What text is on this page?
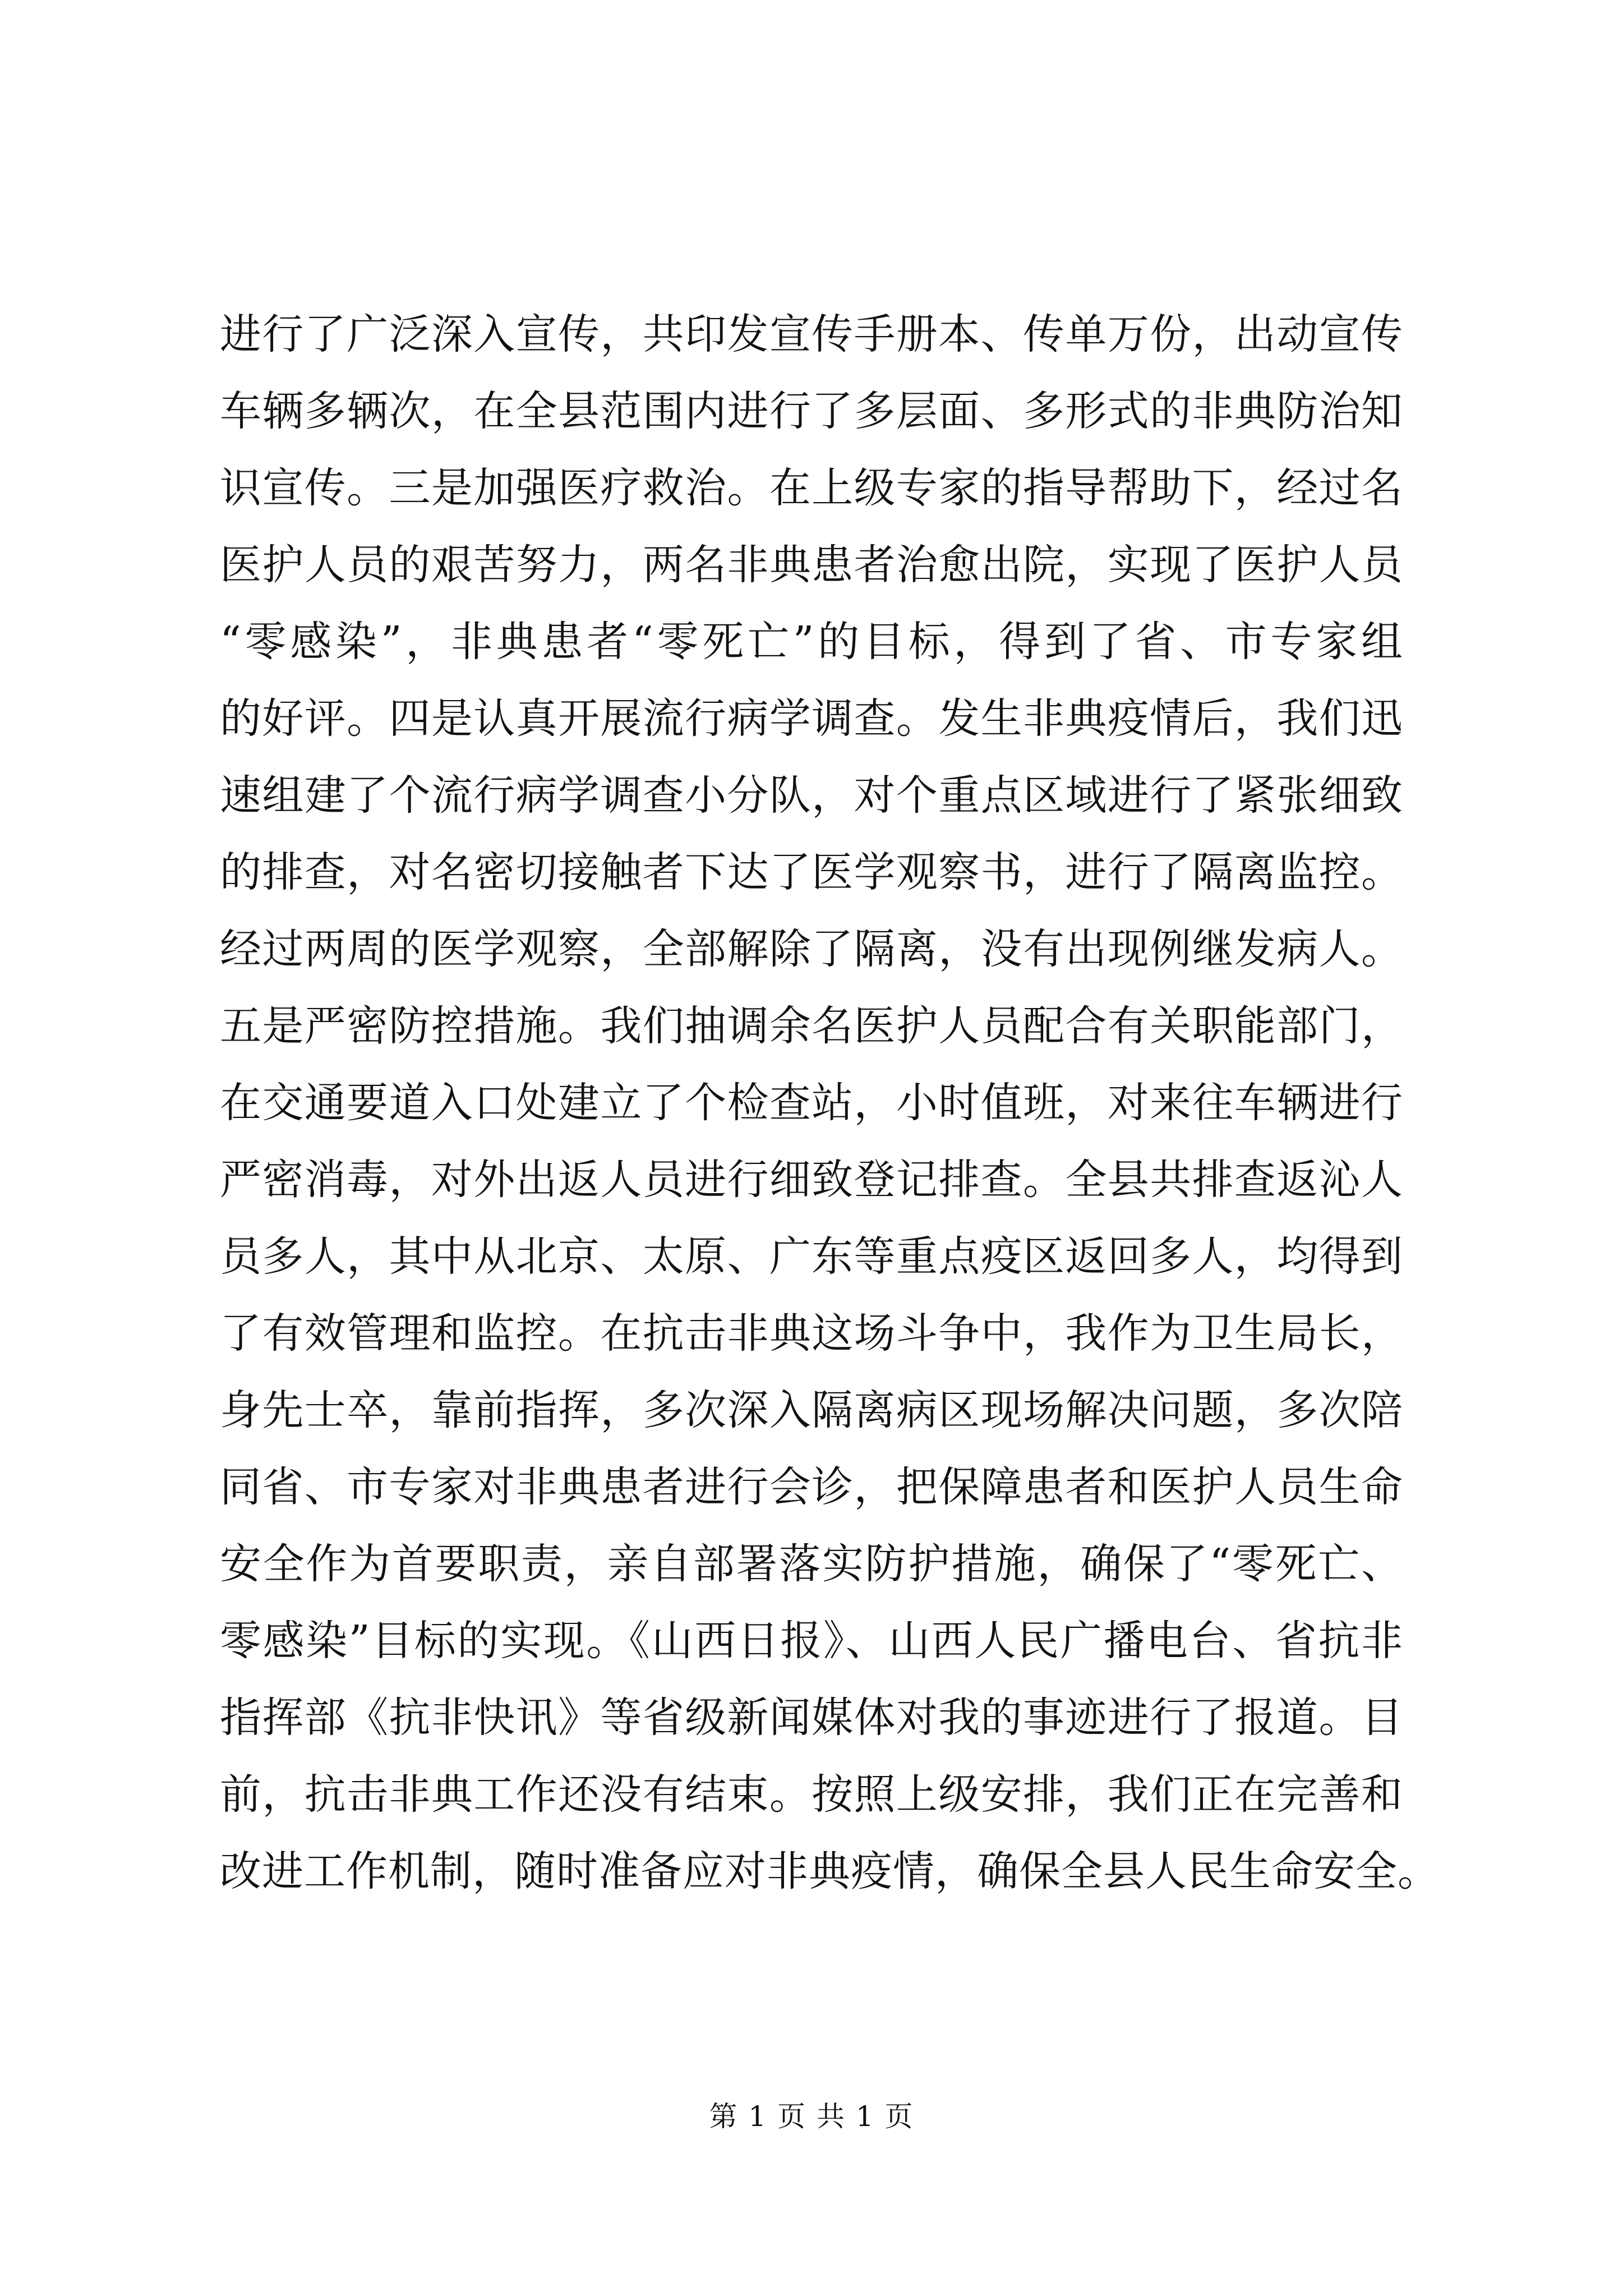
进行了广泛深入宣传，共印发宣传手册本、传单万份，出动宣传
车辆多辆次，在全县范围内进行了多层面、多形式的非典防治知
识宣传。三是加强医疗救治。在上级专家的指导帮助下，经过名
医护人员的艰苦努力，两名非典患者治愈出院，实现了医护人员
“零感染”，非典患者“零死亡”的目标，得到了省、市专家组
的好评。四是认真开展流行病学调查。发生非典疫情后，我们迅
速组建了个流行病学调查小分队，对个重点区域进行了紧张细致
的排查，对名密切接触者下达了医学观察书，进行了隔离监控。
经过两周的医学观察，全部解除了隔离，没有出现例继发病人。
五是严密防控措施。我们抽调余名医护人员配合有关职能部门，
在交通要道入口处建立了个检查站，小时值班，对来往车辆进行
严密消毒，对外出返人员进行细致登记排查。全县共排查返沁人
员多人，其中从北京、太原、广东等重点疫区返回多人，均得到
了有效管理和监控。在抗击非典这场斗争中，我作为卫生局长，
身先士卒，靠前指挥，多次深入隔离病区现场解决问题，多次陪
同省、市专家对非典患者进行会诊，把保障患者和医护人员生命
安全作为首要职责，亲自部署落实防护措施，确保了“零死亡、
零感染”目标的实现。《山西日报》、山西人民广播电台、省抗非
指挥部《抗非快讯》等省级新闻媒体对我的事迹进行了报道。目
前，抗击非典工作还没有结束。按照上级安排，我们正在完善和
改进工作机制，随时准备应对非典疫情，确保全县人民生命安全。
第 1 页 共 1 页
